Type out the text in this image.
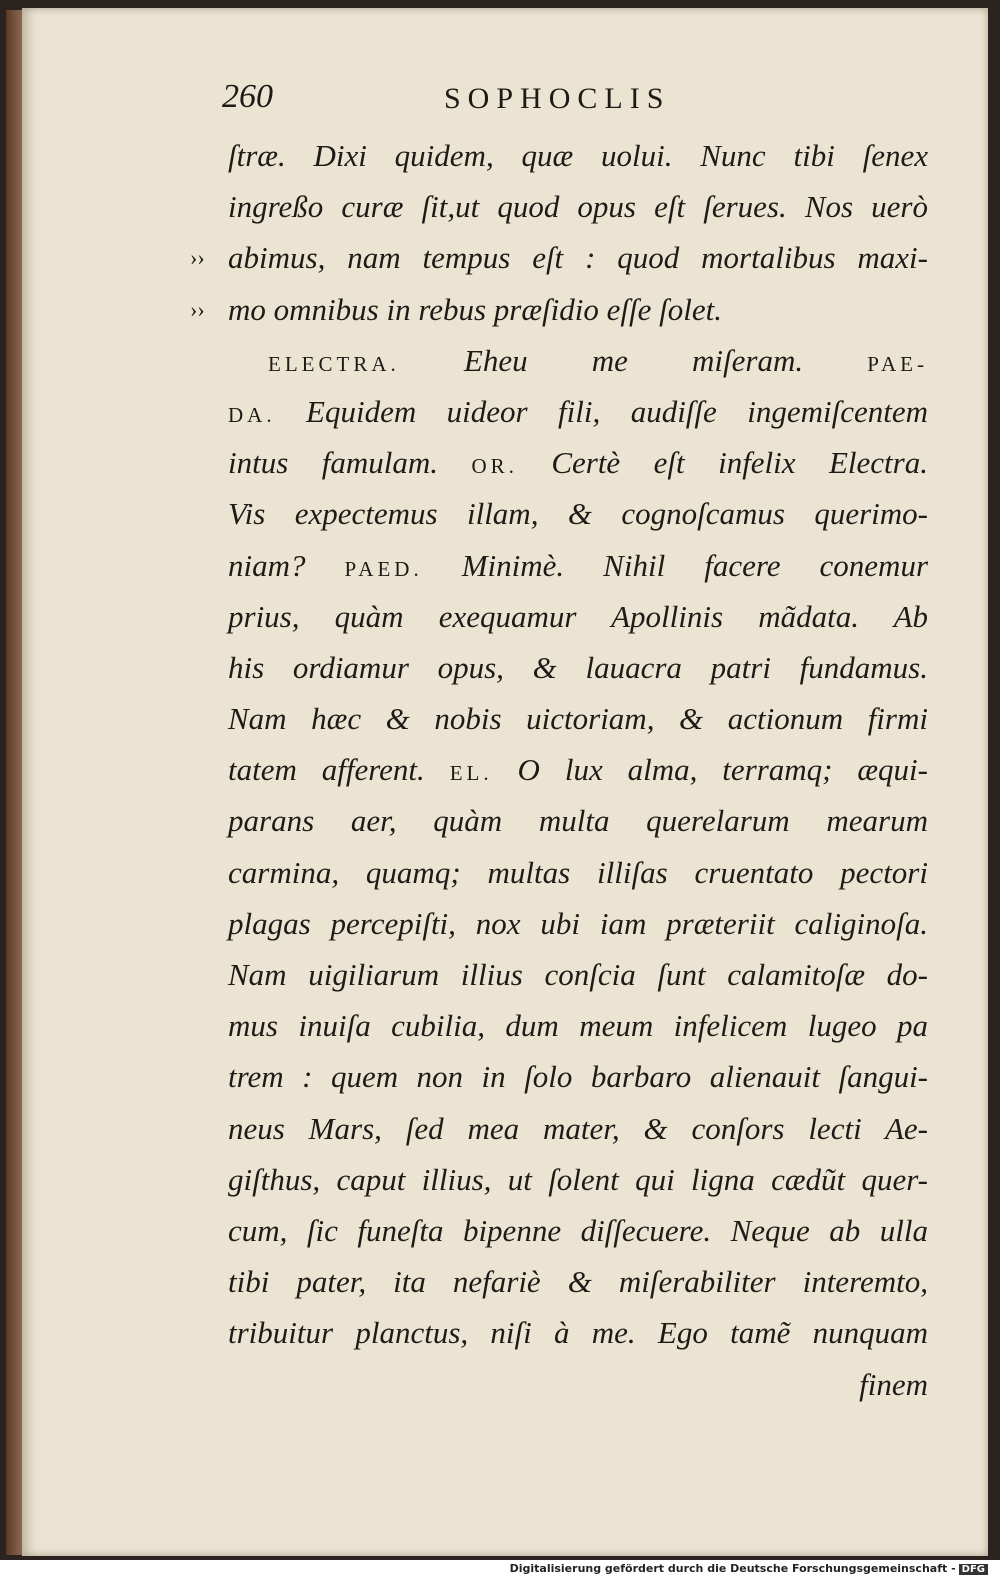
260	SOPHOCLIS
ſtræ. Dixi quidem, quæ uolui. Nunc tibi ſenex
ingreßo curæ ſit,ut quod opus eſt ſerues. Nos uerò
›› abimus, nam tempus eſt : quod mortalibus maxi-
›› mo omnibus in rebus præſidio eſſe ſolet.
ELECTRA. Eheu me miſeram. PAE-
DA. Equidem uideor fili, audiſſe ingemiſcentem
intus famulam. OR. Certè eſt infelix Electra.
Vis expectemus illam, & cognoſcamus querimo-
niam? PAED. Minimè. Nihil facere conemur
prius, quàm exequamur Apollinis mãdata. Ab
his ordiamur opus, & lauacra patri fundamus.
Nam hæc & nobis uictoriam, & actionum firmi
tatem afferent. EL. O lux alma, terramq; æqui-
parans aer, quàm multa querelarum mearum
carmina, quamq; multas illiſas cruentato pectori
plagas percepiſti, nox ubi iam præteriit caliginoſa.
Nam uigiliarum illius conſcia ſunt calamitoſæ do-
mus inuiſa cubilia, dum meum infelicem lugeo pa
trem : quem non in ſolo barbaro alienauit ſangui-
neus Mars, ſed mea mater, & conſors lecti Ae-
giſthus, caput illius, ut ſolent qui ligna cædũt quer-
cum, ſic funeſta bipenne diſſecuere. Neque ab ulla
tibi pater, ita nefariè & miſerabiliter interemto,
tribuitur planctus, niſi à me. Ego tamẽ nunquam
finem
Digitalisierung gefördert durch die Deutsche Forschungsgemeinschaft - DFG
